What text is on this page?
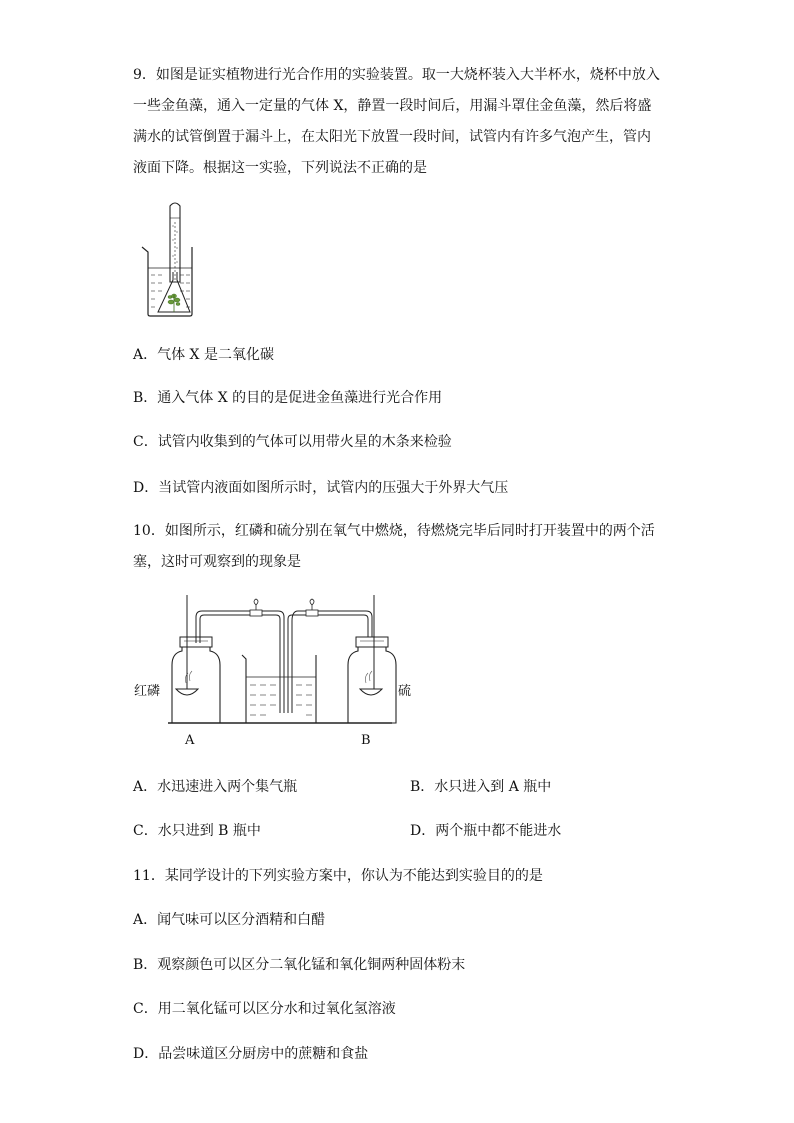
9．如图是证实植物进行光合作用的实验装置。取一大烧杯装入大半杯水，烧杯中放入一些金鱼藻，通入一定量的气体 X，静置一段时间后，用漏斗罩住金鱼藻，然后将盛满水的试管倒置于漏斗上，在太阳光下放置一段时间，试管内有许多气泡产生，管内液面下降。根据这一实验，下列说法不正确的是
A．气体 X 是二氧化碳
B．通入气体 X 的目的是促进金鱼藻进行光合作用
C．试管内收集到的气体可以用带火星的木条来检验
D．当试管内液面如图所示时，试管内的压强大于外界大气压
10．如图所示，红磷和硫分别在氧气中燃烧，待燃烧完毕后同时打开装置中的两个活塞，这时可观察到的现象是
红磷	硫
A	B
A．水迅速进入两个集气瓶	B．水只进入到 A 瓶中
C．水只进到 B 瓶中	D．两个瓶中都不能进水
11．某同学设计的下列实验方案中，你认为不能达到实验目的的是
A．闻气味可以区分酒精和白醋
B．观察颜色可以区分二氧化锰和氧化铜两种固体粉末
C．用二氧化锰可以区分水和过氧化氢溶液
D．品尝味道区分厨房中的蔗糖和食盐
